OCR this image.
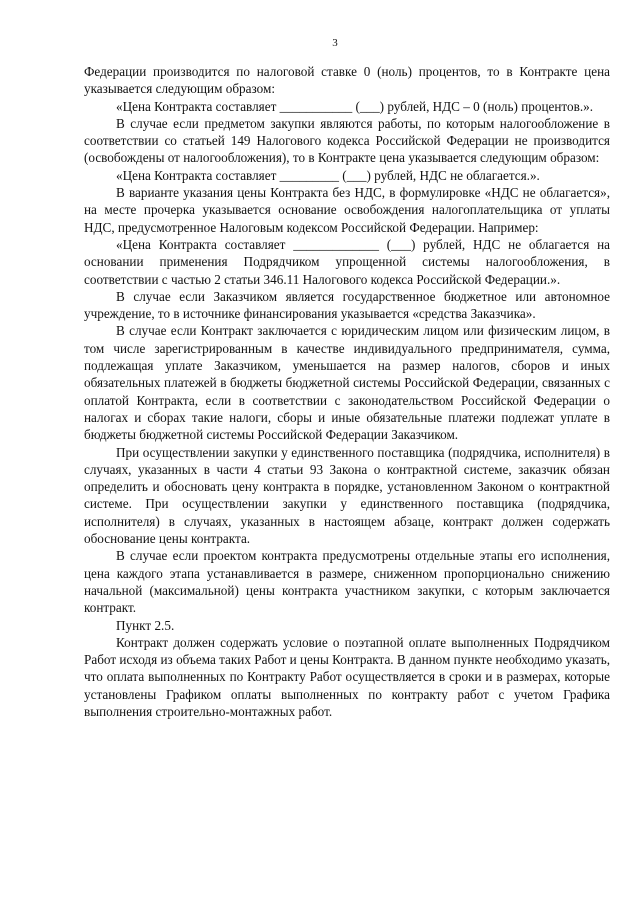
3

Федерации производится по налоговой ставке 0 (ноль) процентов, то в Контракте цена указывается следующим образом:

«Цена Контракта составляет ___________ (___) рублей, НДС – 0 (ноль) процентов.».

В случае если предметом закупки являются работы, по которым налогообложение в соответствии со статьей 149 Налогового кодекса Российской Федерации не производится (освобождены от налогообложения), то в Контракте цена указывается следующим образом:

«Цена Контракта составляет _________ (___) рублей, НДС не облагается.».

В варианте указания цены Контракта без НДС, в формулировке «НДС не облагается», на месте прочерка указывается основание освобождения налогоплательщика от уплаты НДС, предусмотренное Налоговым кодексом Российской Федерации. Например:

«Цена Контракта составляет _____________ (___) рублей, НДС не облагается на основании применения Подрядчиком упрощенной системы налогообложения, в соответствии с частью 2 статьи 346.11 Налогового кодекса Российской Федерации.».

В случае если Заказчиком является государственное бюджетное или автономное учреждение, то в источнике финансирования указывается «средства Заказчика».

В случае если Контракт заключается с юридическим лицом или физическим лицом, в том числе зарегистрированным в качестве индивидуального предпринимателя, сумма, подлежащая уплате Заказчиком, уменьшается на размер налогов, сборов и иных обязательных платежей в бюджеты бюджетной системы Российской Федерации, связанных с оплатой Контракта, если в соответствии с законодательством Российской Федерации о налогах и сборах такие налоги, сборы и иные обязательные платежи подлежат уплате в бюджеты бюджетной системы Российской Федерации Заказчиком.

При осуществлении закупки у единственного поставщика (подрядчика, исполнителя) в случаях, указанных в части 4 статьи 93 Закона о контрактной системе, заказчик обязан определить и обосновать цену контракта в порядке, установленном Законом о контрактной системе. При осуществлении закупки у единственного поставщика (подрядчика, исполнителя) в случаях, указанных в настоящем абзаце, контракт должен содержать обоснование цены контракта.

В случае если проектом контракта предусмотрены отдельные этапы его исполнения, цена каждого этапа устанавливается в размере, сниженном пропорционально снижению начальной (максимальной) цены контракта участником закупки, с которым заключается контракт.

Пункт 2.5.

Контракт должен содержать условие о поэтапной оплате выполненных Подрядчиком Работ исходя из объема таких Работ и цены Контракта. В данном пункте необходимо указать, что оплата выполненных по Контракту Работ осуществляется в сроки и в размерах, которые установлены Графиком оплаты выполненных по контракту работ с учетом Графика выполнения строительно-монтажных работ.
